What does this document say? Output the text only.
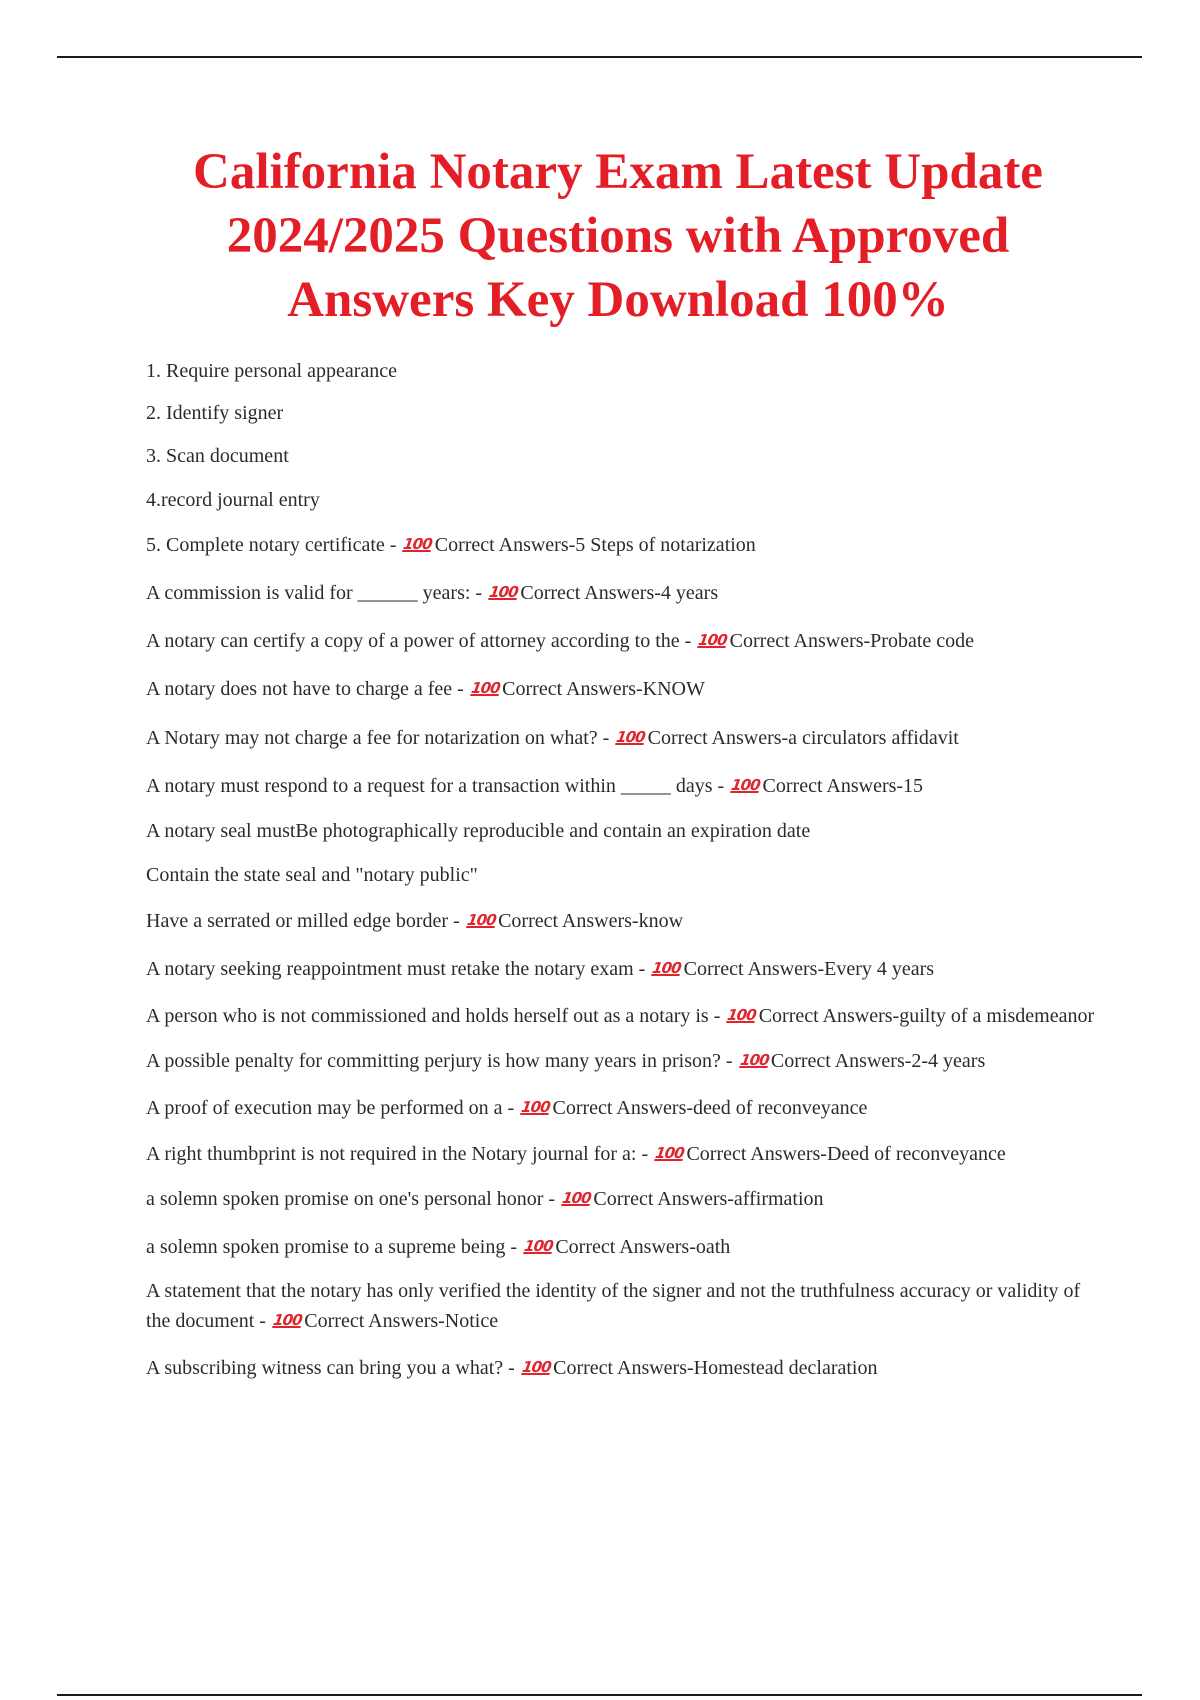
California Notary Exam Latest Update 2024/2025 Questions with Approved Answers Key Download 100%

1. Require personal appearance

2. Identify signer

3. Scan document

4.record journal entry

5. Complete notary certificate - 100Correct Answers-5 Steps of notarization

A commission is valid for ______ years: - 100Correct Answers-4 years

A notary can certify a copy of a power of attorney according to the - 100Correct Answers-Probate code

A notary does not have to charge a fee - 100Correct Answers-KNOW

A Notary may not charge a fee for notarization on what? - 100Correct Answers-a circulators affidavit

A notary must respond to a request for a transaction within _____ days - 100Correct Answers-15

A notary seal mustBe photographically reproducible and contain an expiration date

Contain the state seal and "notary public"

Have a serrated or milled edge border - 100Correct Answers-know

A notary seeking reappointment must retake the notary exam - 100Correct Answers-Every 4 years

A person who is not commissioned and holds herself out as a notary is - 100Correct Answers-guilty of a misdemeanor

A possible penalty for committing perjury is how many years in prison? - 100Correct Answers-2-4 years

A proof of execution may be performed on a - 100Correct Answers-deed of reconveyance

A right thumbprint is not required in the Notary journal for a: - 100Correct Answers-Deed of reconveyance

a solemn spoken promise on one's personal honor - 100Correct Answers-affirmation

a solemn spoken promise to a supreme being - 100Correct Answers-oath

A statement that the notary has only verified the identity of the signer and not the truthfulness accuracy or validity of the document - 100Correct Answers-Notice

A subscribing witness can bring you a what? - 100Correct Answers-Homestead declaration
